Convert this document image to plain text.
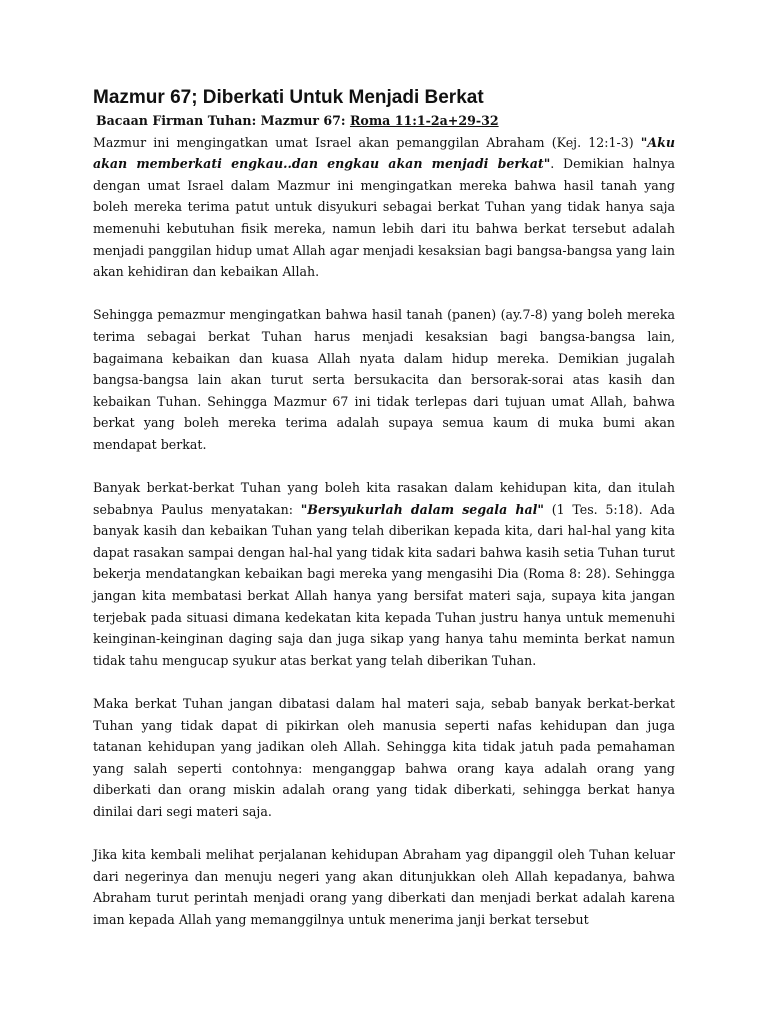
Mazmur 67; Diberkati Untuk Menjadi Berkat
Bacaan Firman Tuhan: Mazmur 67: Roma 11:1-2a+29-32

Mazmur ini mengingatkan umat Israel akan pemanggilan Abraham (Kej. 12:1-3) "Aku akan memberkati engkau..dan engkau akan menjadi berkat". Demikian halnya dengan umat Israel dalam Mazmur ini mengingatkan mereka bahwa hasil tanah yang boleh mereka terima patut untuk disyukuri sebagai berkat Tuhan yang tidak hanya saja memenuhi kebutuhan fisik mereka, namun lebih dari itu bahwa berkat tersebut adalah menjadi panggilan hidup umat Allah agar menjadi kesaksian bagi bangsa-bangsa yang lain akan kehidiran dan kebaikan Allah.

Sehingga pemazmur mengingatkan bahwa hasil tanah (panen) (ay.7-8) yang boleh mereka terima sebagai berkat Tuhan harus menjadi kesaksian bagi bangsa-bangsa lain, bagaimana kebaikan dan kuasa Allah nyata dalam hidup mereka. Demikian jugalah bangsa-bangsa lain akan turut serta bersukacita dan bersorak-sorai atas kasih dan kebaikan Tuhan. Sehingga Mazmur 67 ini tidak terlepas dari tujuan umat Allah, bahwa berkat yang boleh mereka terima adalah supaya semua kaum di muka bumi akan mendapat berkat.

Banyak berkat-berkat Tuhan yang boleh kita rasakan dalam kehidupan kita, dan itulah sebabnya Paulus menyatakan: "Bersyukurlah dalam segala hal" (1 Tes. 5:18). Ada banyak kasih dan kebaikan Tuhan yang telah diberikan kepada kita, dari hal-hal yang kita dapat rasakan sampai dengan hal-hal yang tidak kita sadari bahwa kasih setia Tuhan turut bekerja mendatangkan kebaikan bagi mereka yang mengasihi Dia (Roma 8: 28). Sehingga jangan kita membatasi berkat Allah hanya yang bersifat materi saja, supaya kita jangan terjebak pada situasi dimana kedekatan kita kepada Tuhan justru hanya untuk memenuhi keinginan-keinginan daging saja dan juga sikap yang hanya tahu meminta berkat namun tidak tahu mengucap syukur atas berkat yang telah diberikan Tuhan.

Maka berkat Tuhan jangan dibatasi dalam hal materi saja, sebab banyak berkat-berkat Tuhan yang tidak dapat di pikirkan oleh manusia seperti nafas kehidupan dan juga tatanan kehidupan yang jadikan oleh Allah. Sehingga kita tidak jatuh pada pemahaman yang salah seperti contohnya: menganggap bahwa orang kaya adalah orang yang diberkati dan orang miskin adalah orang yang tidak diberkati, sehingga berkat hanya dinilai dari segi materi saja.

Jika kita kembali melihat perjalanan kehidupan Abraham yag dipanggil oleh Tuhan keluar dari negerinya dan menuju negeri yang akan ditunjukkan oleh Allah kepadanya, bahwa Abraham turut perintah menjadi orang yang diberkati dan menjadi berkat adalah karena iman kepada Allah yang memanggilnya untuk menerima janji berkat tersebut
